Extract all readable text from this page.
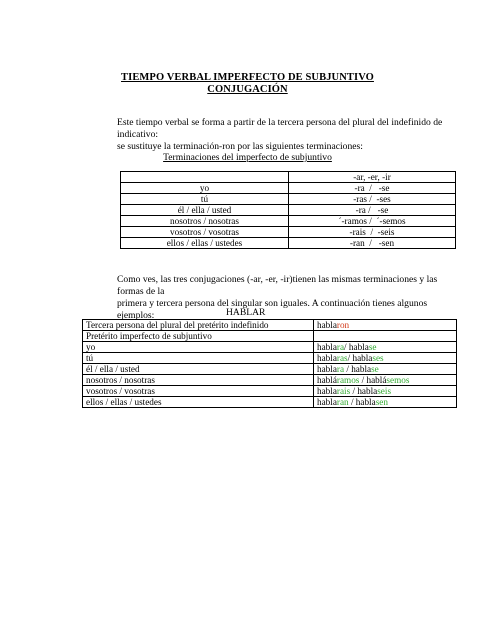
TIEMPO VERBAL IMPERFECTO DE SUBJUNTIVO
CONJUGACIÓN
Este tiempo verbal se forma a partir de la tercera persona del plural del indefinido de indicativo:
se sustituye la terminación-ron por las siguientes terminaciones:
Terminaciones del imperfecto de subjuntivo
	-ar, -er, -ir
yo	-ra  /   -se
tú	-ras /  -ses
él / ella / usted	-ra /   -se
nosotros / nosotras	´-ramos /  ´-semos
vosotros / vosotras	-rais  /  -seis
ellos / ellas / ustedes	-ran  /   -sen
Como ves, las tres conjugaciones (-ar, -er, -ir)tienen las mismas terminaciones y las formas de la
primera y tercera persona del singular son iguales. A continuación tienes algunos ejemplos:	HABLAR
Tercera persona del plural del pretérito indefinido	hablaron
Pretérito imperfecto de subjuntivo	
yo	hablara/ hablase
tú	hablaras/ hablases
él / ella / usted	hablara / hablase
nosotros / nosotras	habláramos / hablásemos
vosotros / vosotras	hablarais / hablaseis
ellos / ellas / ustedes	hablaran / hablasen
